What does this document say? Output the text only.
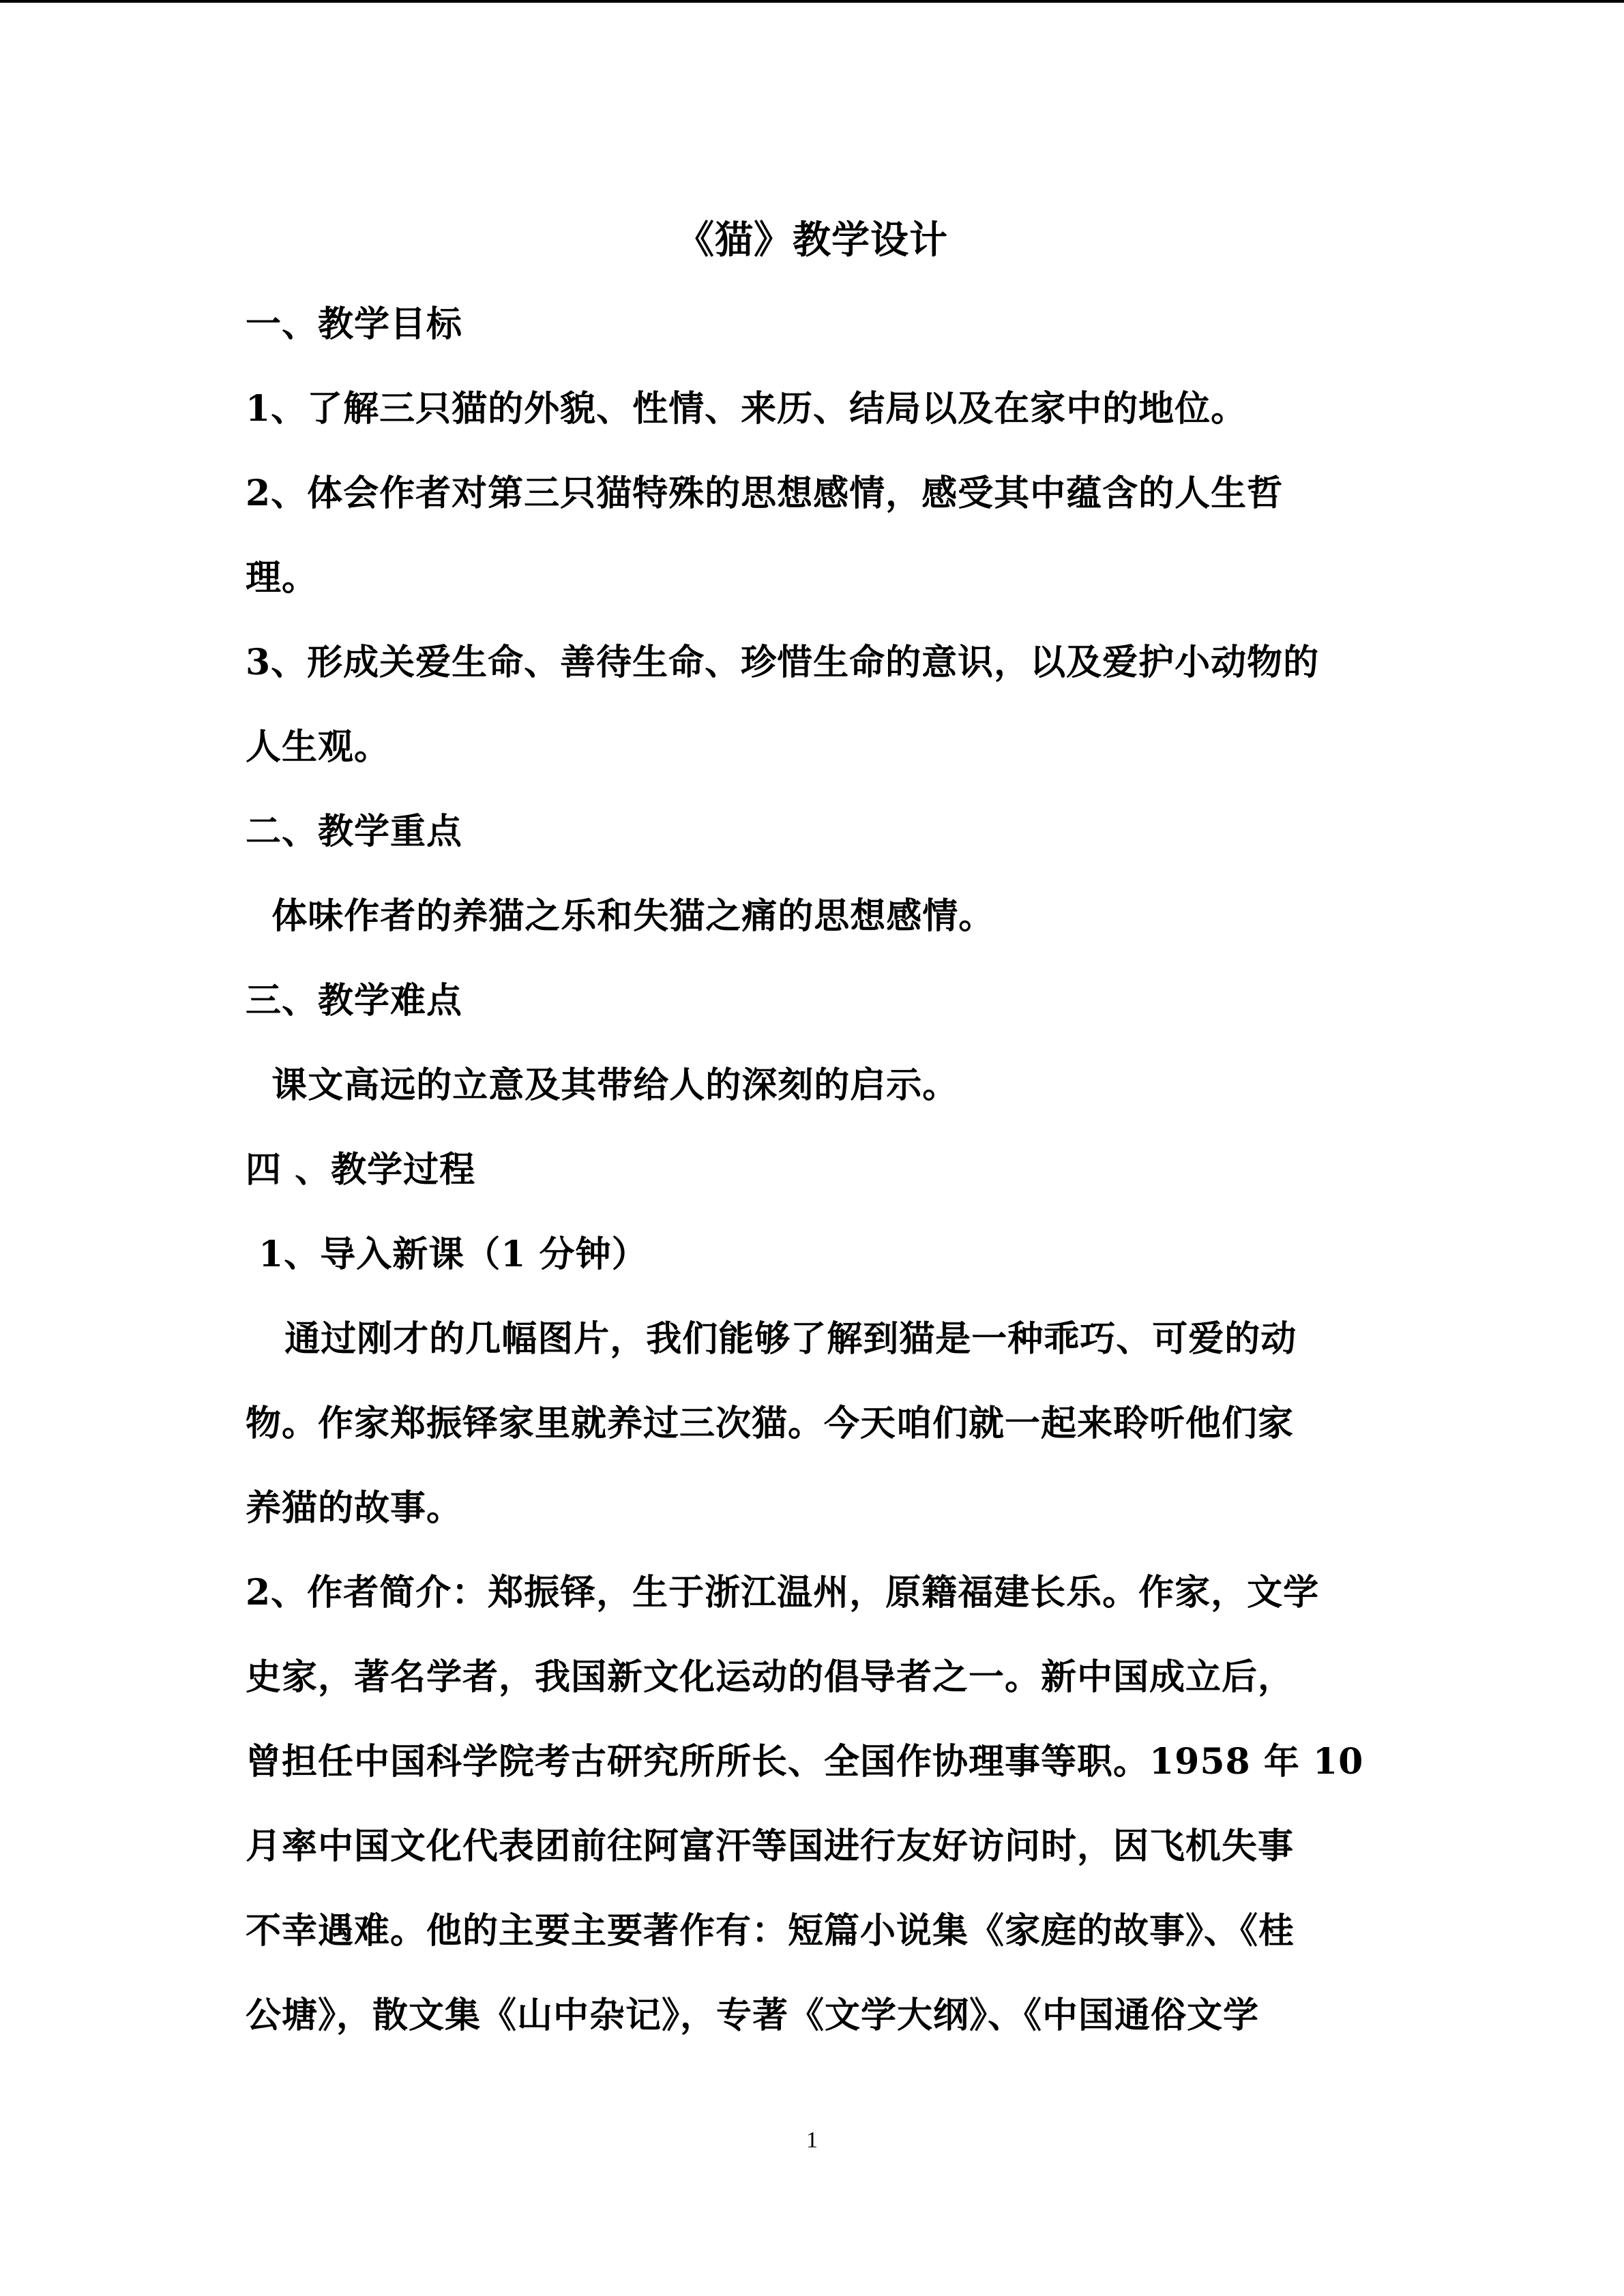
《猫》教学设计
一、教学目标
1、了解三只猫的外貌、性情、来历、结局以及在家中的地位。
2、体会作者对第三只猫特殊的思想感情，感受其中蕴含的人生哲
理。
3、形成关爱生命、善待生命、珍惜生命的意识，以及爱护小动物的
人生观。
二、教学重点
体味作者的养猫之乐和失猫之痛的思想感情。
三、教学难点
课文高远的立意及其带给人的深刻的启示。
四 、教学过程
1、导入新课（1 分钟）
通过刚才的几幅图片，我们能够了解到猫是一种乖巧、可爱的动
物。作家郑振铎家里就养过三次猫。今天咱们就一起来聆听他们家
养猫的故事。
2、作者简介：郑振铎，生于浙江温州，原籍福建长乐。作家，文学
史家，著名学者，我国新文化运动的倡导者之一。新中国成立后，
曾担任中国科学院考古研究所所长、全国作协理事等职。1958 年 10
月率中国文化代表团前往阿富汗等国进行友好访问时，因飞机失事
不幸遇难。他的主要主要著作有：短篇小说集《家庭的故事》、《桂
公塘》，散文集《山中杂记》，专著《文学大纲》、《中国通俗文学
1
